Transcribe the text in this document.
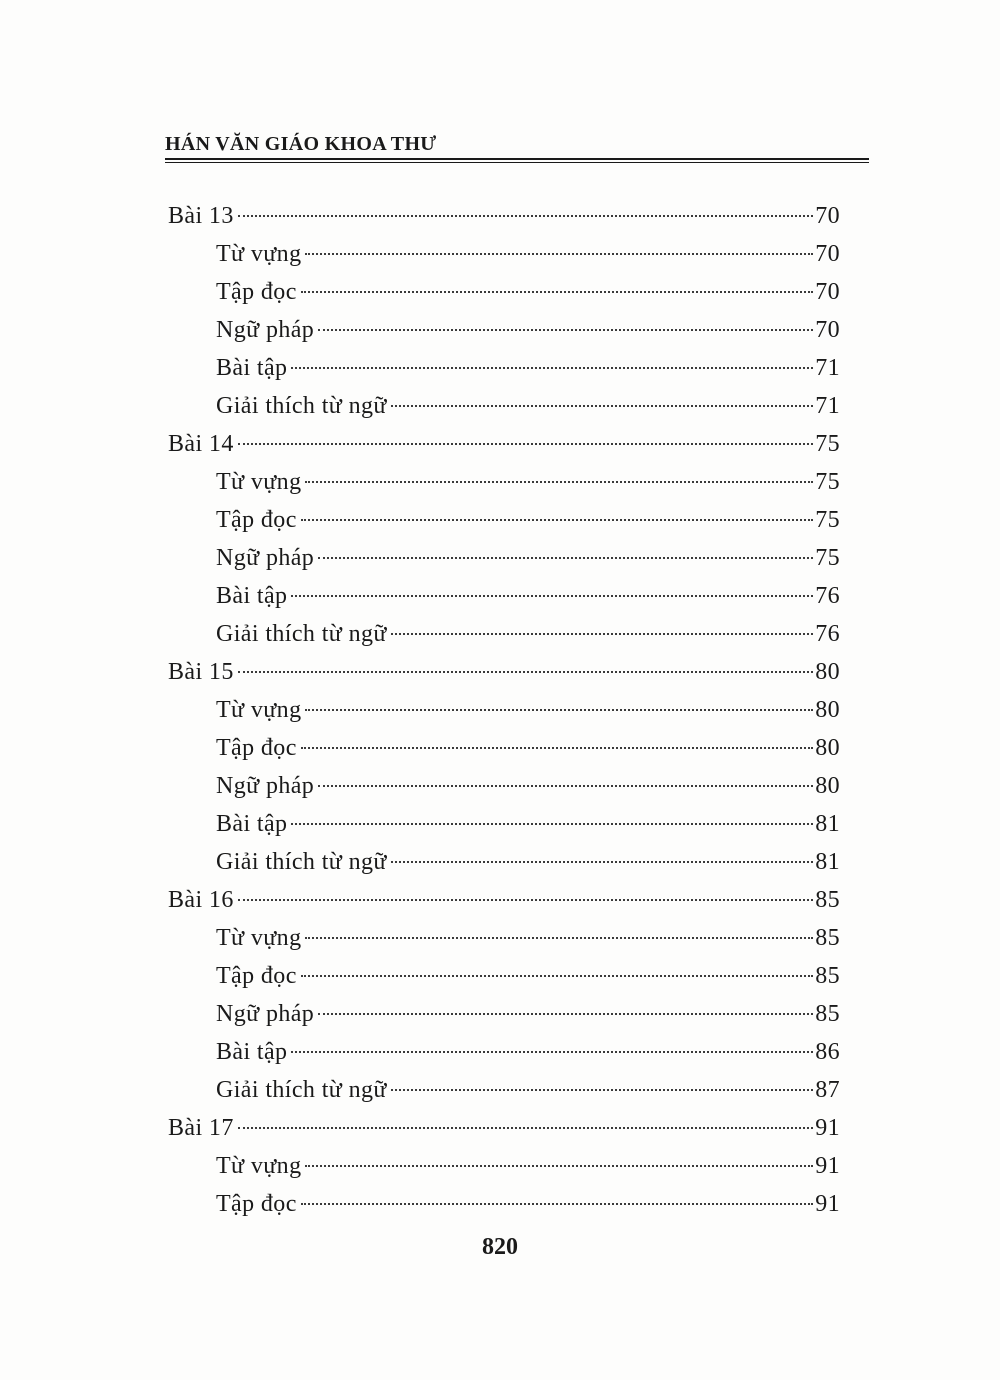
HÁN VĂN GIÁO KHOA THƯ
Bài 13	70
Từ vựng	70
Tập đọc	70
Ngữ pháp	70
Bài tập	71
Giải thích từ ngữ	71
Bài 14	75
Từ vựng	75
Tập đọc	75
Ngữ pháp	75
Bài tập	76
Giải thích từ ngữ	76
Bài 15	80
Từ vựng	80
Tập đọc	80
Ngữ pháp	80
Bài tập	81
Giải thích từ ngữ	81
Bài 16	85
Từ vựng	85
Tập đọc	85
Ngữ pháp	85
Bài tập	86
Giải thích từ ngữ	87
Bài 17	91
Từ vựng	91
Tập đọc	91
820
